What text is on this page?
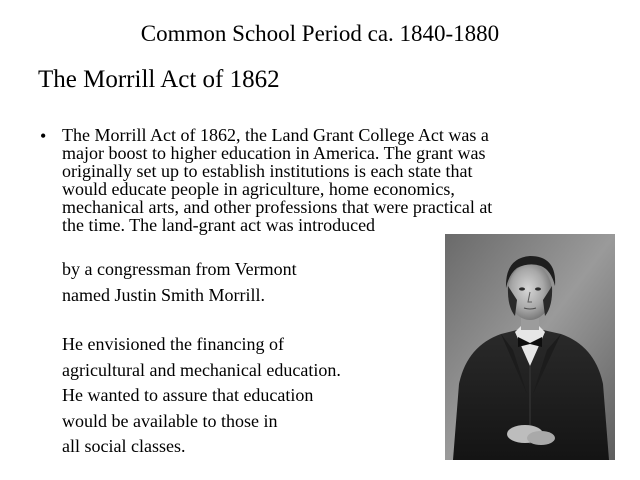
Common School Period ca. 1840-1880
The Morrill Act of 1862
• The Morrill Act of 1862, the Land Grant College Act was a
major boost to higher education in America. The grant was
originally set up to establish institutions is each state that
would educate people in agriculture, home economics,
mechanical arts, and other professions that were practical at
the time. The land-grant act was introduced
by a congressman from Vermont
named Justin Smith Morrill.
He envisioned the financing of
agricultural and mechanical education.
He wanted to assure that education
would be available to those in
all social classes.
